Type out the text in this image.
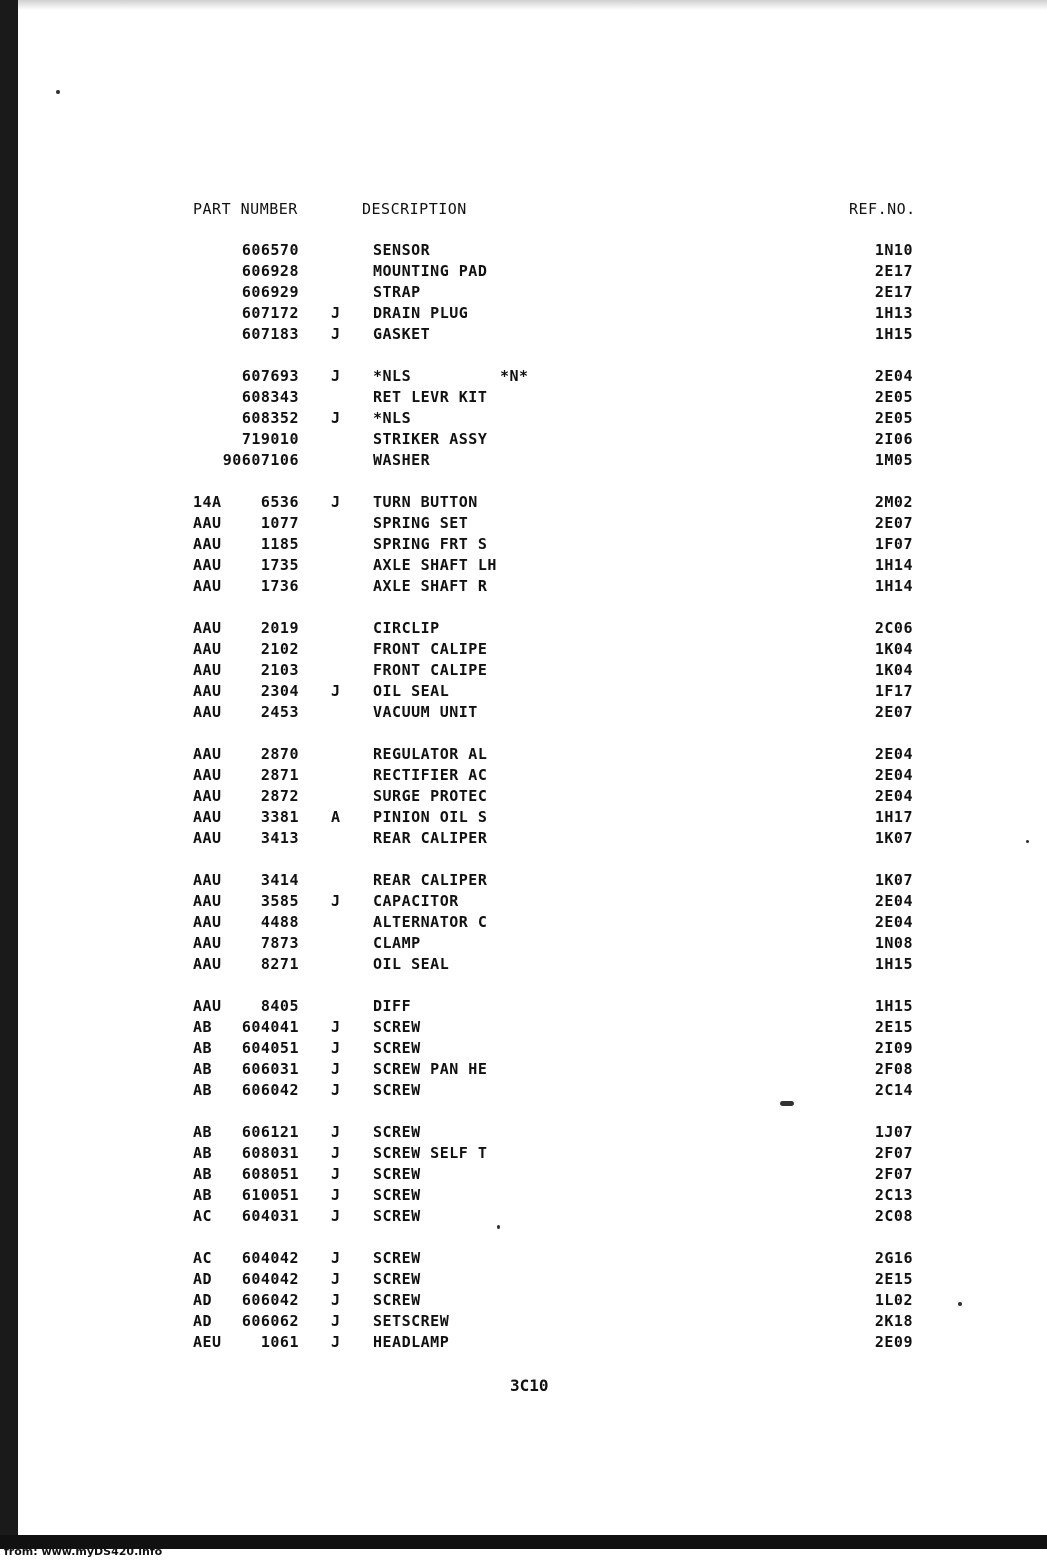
PART NUMBER	DESCRIPTION	REF.NO.
606570	SENSOR	1N10
606928	MOUNTING PAD	2E17
606929	STRAP	2E17
607172 J DRAIN PLUG	1H13
607183 J GASKET	1H15
607693 J *NLS	*N*	2E04
608343	RET LEVR KIT	2E05
608352 J *NLS	2E05
719010	STRIKER ASSY	2I06
90607106	WASHER	1M05
14A	6536 J TURN BUTTON	2M02
AAU	1077	SPRING SET	2E07
AAU	1185	SPRING FRT S	1F07
AAU	1735	AXLE SHAFT LH	1H14
AAU	1736	AXLE SHAFT R	1H14
AAU	2019	CIRCLIP	2C06
AAU	2102	FRONT CALIPE	1K04
AAU	2103	FRONT CALIPE	1K04
AAU	2304 J OIL SEAL	1F17
AAU	2453	VACUUM UNIT	2E07
AAU	2870	REGULATOR AL	2E04
AAU	2871	RECTIFIER AC	2E04
AAU	2872	SURGE PROTEC	2E04
AAU	3381 A PINION OIL S	1H17
AAU	3413	REAR CALIPER	1K07
AAU	3414	REAR CALIPER	1K07
AAU	3585 J CAPACITOR	2E04
AAU	4488	ALTERNATOR C	2E04
AAU	7873	CLAMP	1N08
AAU	8271	OIL SEAL	1H15
AAU	8405	DIFF	1H15
AB 604041 J SCREW	2E15
AB 604051 J SCREW	2I09
AB 606031 J SCREW PAN HE	2F08
AB 606042 J SCREW	2C14
AB 606121 J SCREW	1J07
AB 608031 J SCREW SELF T	2F07
AB 608051 J SCREW	2F07
AB 610051 J SCREW	2C13
AC 604031 J SCREW	2C08
AC 604042 J SCREW	2G16
AD 604042 J SCREW	2E15
AD 606042 J SCREW	1L02
AD 606062 J SETSCREW	2K18
AEU	1061 J HEADLAMP	2E09
3C10
from: www.myDS420.info
